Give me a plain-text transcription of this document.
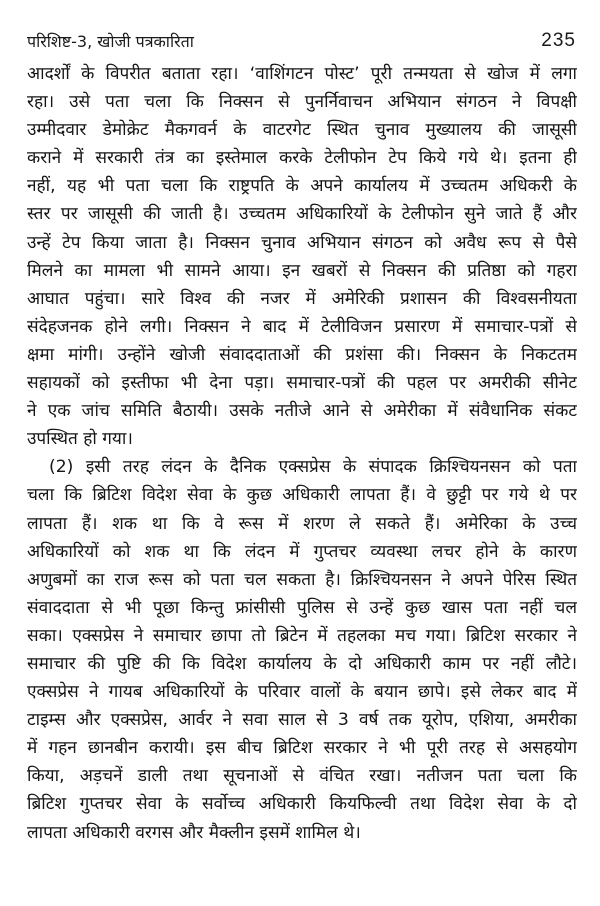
परिशिष्ट-3, खोजी पत्रकारिता	235
आदर्शों के विपरीत बताता रहा। ‘वाशिंगटन पोस्ट’ पूरी तन्मयता से खोज में लगा
रहा। उसे पता चला कि निक्सन से पुनर्निवाचन अभियान संगठन ने विपक्षी
उम्मीदवार डेमोक्रेट मैकगवर्न के वाटरगेट स्थित चुनाव मुख्यालय की जासूसी
कराने में सरकारी तंत्र का इस्तेमाल करके टेलीफोन टेप किये गये थे। इतना ही
नहीं, यह भी पता चला कि राष्ट्रपति के अपने कार्यालय में उच्चतम अधिकरी के
स्तर पर जासूसी की जाती है। उच्चतम अधिकारियों के टेलीफोन सुने जाते हैं और
उन्हें टेप किया जाता है। निक्सन चुनाव अभियान संगठन को अवैध रूप से पैसे
मिलने का मामला भी सामने आया। इन खबरों से निक्सन की प्रतिष्ठा को गहरा
आघात पहुंचा। सारे विश्व की नजर में अमेरिकी प्रशासन की विश्वसनीयता
संदेहजनक होने लगी। निक्सन ने बाद में टेलीविजन प्रसारण में समाचार-पत्रों से
क्षमा मांगी। उन्होंने खोजी संवाददाताओं की प्रशंसा की। निक्सन के निकटतम
सहायकों को इस्तीफा भी देना पड़ा। समाचार-पत्रों की पहल पर अमरीकी सीनेट
ने एक जांच समिति बैठायी। उसके नतीजे आने से अमेरीका में संवैधानिक संकट
उपस्थित हो गया।
(2) इसी तरह लंदन के दैनिक एक्सप्रेस के संपादक क्रिश्चियनसन को पता
चला कि ब्रिटिश विदेश सेवा के कुछ अधिकारी लापता हैं। वे छुट्टी पर गये थे पर
लापता हैं। शक था कि वे रूस में शरण ले सकते हैं। अमेरिका के उच्च
अधिकारियों को शक था कि लंदन में गुप्तचर व्यवस्था लचर होने के कारण
अणुबमों का राज रूस को पता चल सकता है। क्रिश्चियनसन ने अपने पेरिस स्थित
संवाददाता से भी पूछा किन्तु फ्रांसीसी पुलिस से उन्हें कुछ खास पता नहीं चल
सका। एक्सप्रेस ने समाचार छापा तो ब्रिटेन में तहलका मच गया। ब्रिटिश सरकार ने
समाचार की पुष्टि की कि विदेश कार्यालय के दो अधिकारी काम पर नहीं लौटे।
एक्सप्रेस ने गायब अधिकारियों के परिवार वालों के बयान छापे। इसे लेकर बाद में
टाइम्स और एक्सप्रेस, आर्वर ने सवा साल से 3 वर्ष तक यूरोप, एशिया, अमरीका
में गहन छानबीन करायी। इस बीच ब्रिटिश सरकार ने भी पूरी तरह से असहयोग
किया, अड़चनें डाली तथा सूचनाओं से वंचित रखा। नतीजन पता चला कि
ब्रिटिश गुप्तचर सेवा के सर्वोच्च अधिकारी कियफिल्वी तथा विदेश सेवा के दो
लापता अधिकारी वरगस और मैक्लीन इसमें शामिल थे।
